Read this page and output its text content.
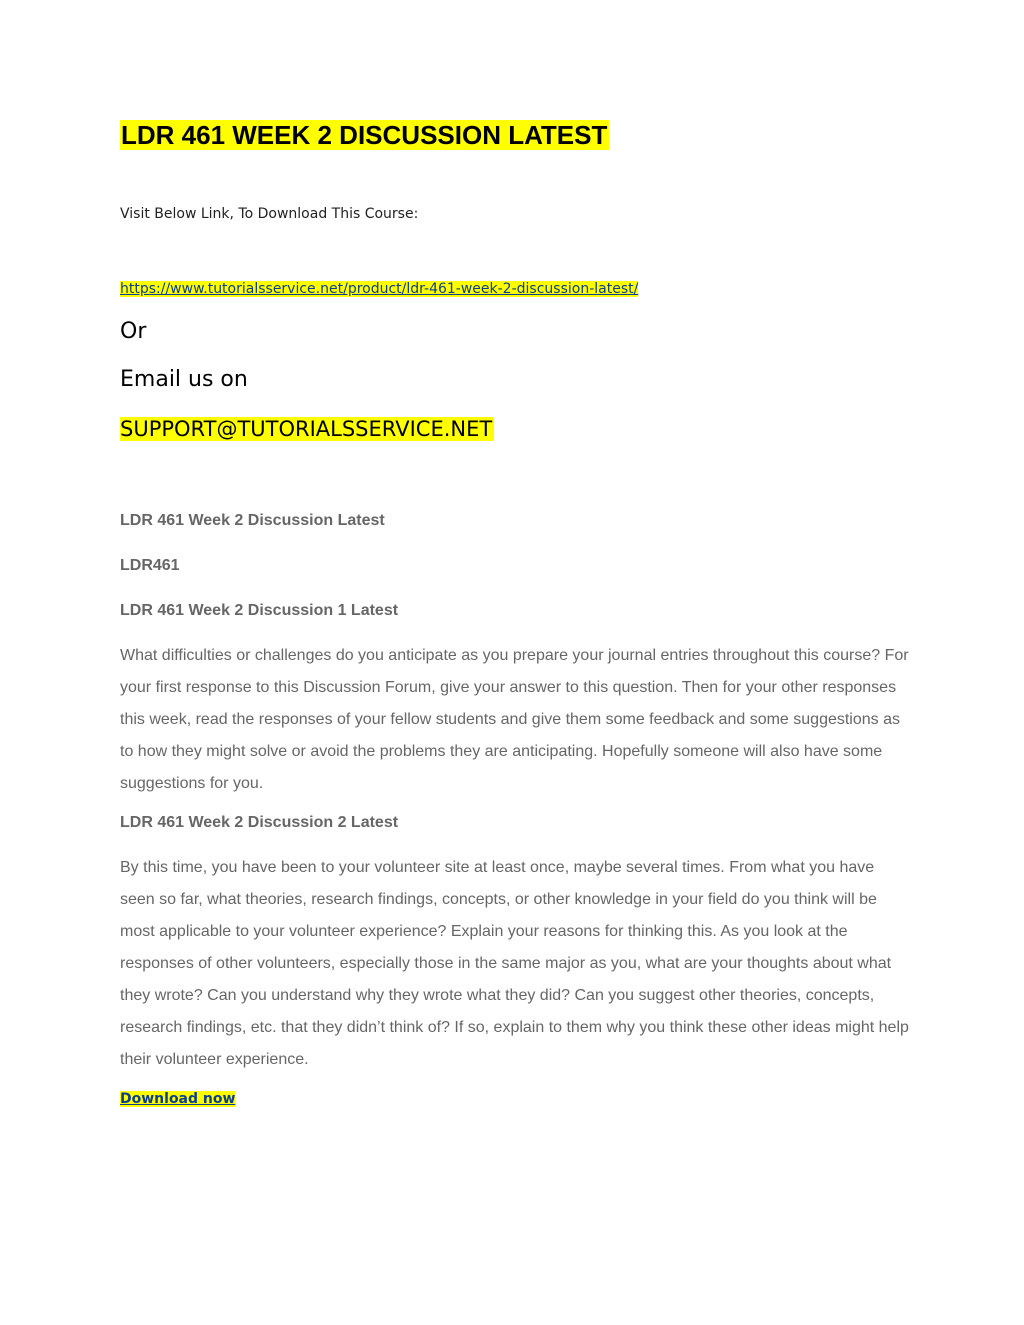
LDR 461 WEEK 2 DISCUSSION LATEST
Visit Below Link, To Download This Course:
https://www.tutorialsservice.net/product/ldr-461-week-2-discussion-latest/
Or
Email us on
SUPPORT@TUTORIALSSERVICE.NET
LDR 461 Week 2 Discussion Latest
LDR461
LDR 461 Week 2 Discussion 1 Latest
What difficulties or challenges do you anticipate as you prepare your journal entries throughout this course? For your first response to this Discussion Forum, give your answer to this question. Then for your other responses this week, read the responses of your fellow students and give them some feedback and some suggestions as to how they might solve or avoid the problems they are anticipating. Hopefully someone will also have some suggestions for you.
LDR 461 Week 2 Discussion 2 Latest
By this time, you have been to your volunteer site at least once, maybe several times. From what you have seen so far, what theories, research findings, concepts, or other knowledge in your field do you think will be most applicable to your volunteer experience? Explain your reasons for thinking this. As you look at the responses of other volunteers, especially those in the same major as you, what are your thoughts about what they wrote? Can you understand why they wrote what they did? Can you suggest other theories, concepts, research findings, etc. that they didn’t think of? If so, explain to them why you think these other ideas might help their volunteer experience.
Download now
